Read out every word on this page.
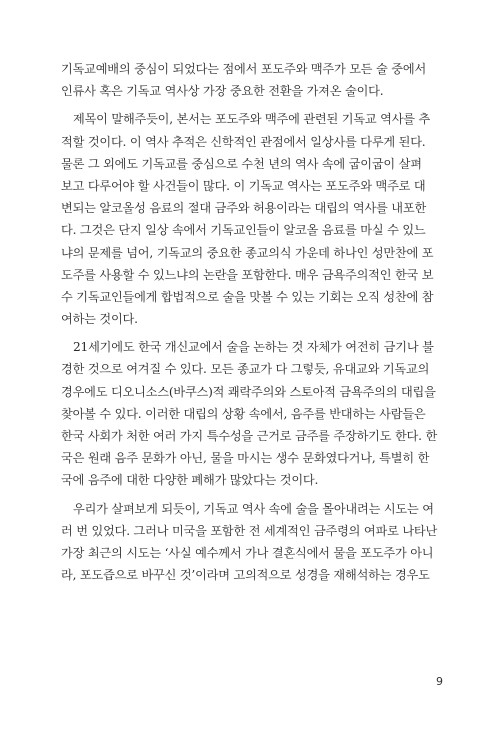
기독교예배의 중심이 되었다는 점에서 포도주와 맥주가 모든 술 중에서
인류사 혹은 기독교 역사상 가장 중요한 전환을 가져온 술이다.
제목이 말해주듯이, 본서는 포도주와 맥주에 관련된 기독교 역사를 추
적할 것이다. 이 역사 추적은 신학적인 관점에서 일상사를 다루게 된다.
물론 그 외에도 기독교를 중심으로 수천 년의 역사 속에 굽이굽이 살펴
보고 다루어야 할 사건들이 많다. 이 기독교 역사는 포도주와 맥주로 대
변되는 알코올성 음료의 절대 금주와 허용이라는 대립의 역사를 내포한
다. 그것은 단지 일상 속에서 기독교인들이 알코올 음료를 마실 수 있느
냐의 문제를 넘어, 기독교의 중요한 종교의식 가운데 하나인 성만찬에 포
도주를 사용할 수 있느냐의 논란을 포함한다. 매우 금욕주의적인 한국 보
수 기독교인들에게 합법적으로 술을 맛볼 수 있는 기회는 오직 성찬에 참
여하는 것이다.
21세기에도 한국 개신교에서 술을 논하는 것 자체가 여전히 금기나 불
경한 것으로 여겨질 수 있다. 모든 종교가 다 그렇듯, 유대교와 기독교의
경우에도 디오니소스(바쿠스)적 쾌락주의와 스토아적 금욕주의의 대립을
찾아볼 수 있다. 이러한 대립의 상황 속에서, 음주를 반대하는 사람들은
한국 사회가 처한 여러 가지 특수성을 근거로 금주를 주장하기도 한다. 한
국은 원래 음주 문화가 아닌, 물을 마시는 생수 문화였다거나, 특별히 한
국에 음주에 대한 다양한 폐해가 많았다는 것이다.
우리가 살펴보게 되듯이, 기독교 역사 속에 술을 몰아내려는 시도는 여
러 번 있었다. 그러나 미국을 포함한 전 세계적인 금주령의 여파로 나타난
가장 최근의 시도는 ‘사실 예수께서 가나 결혼식에서 물을 포도주가 아니
라, 포도즙으로 바꾸신 것’이라며 고의적으로 성경을 재해석하는 경우도
9
